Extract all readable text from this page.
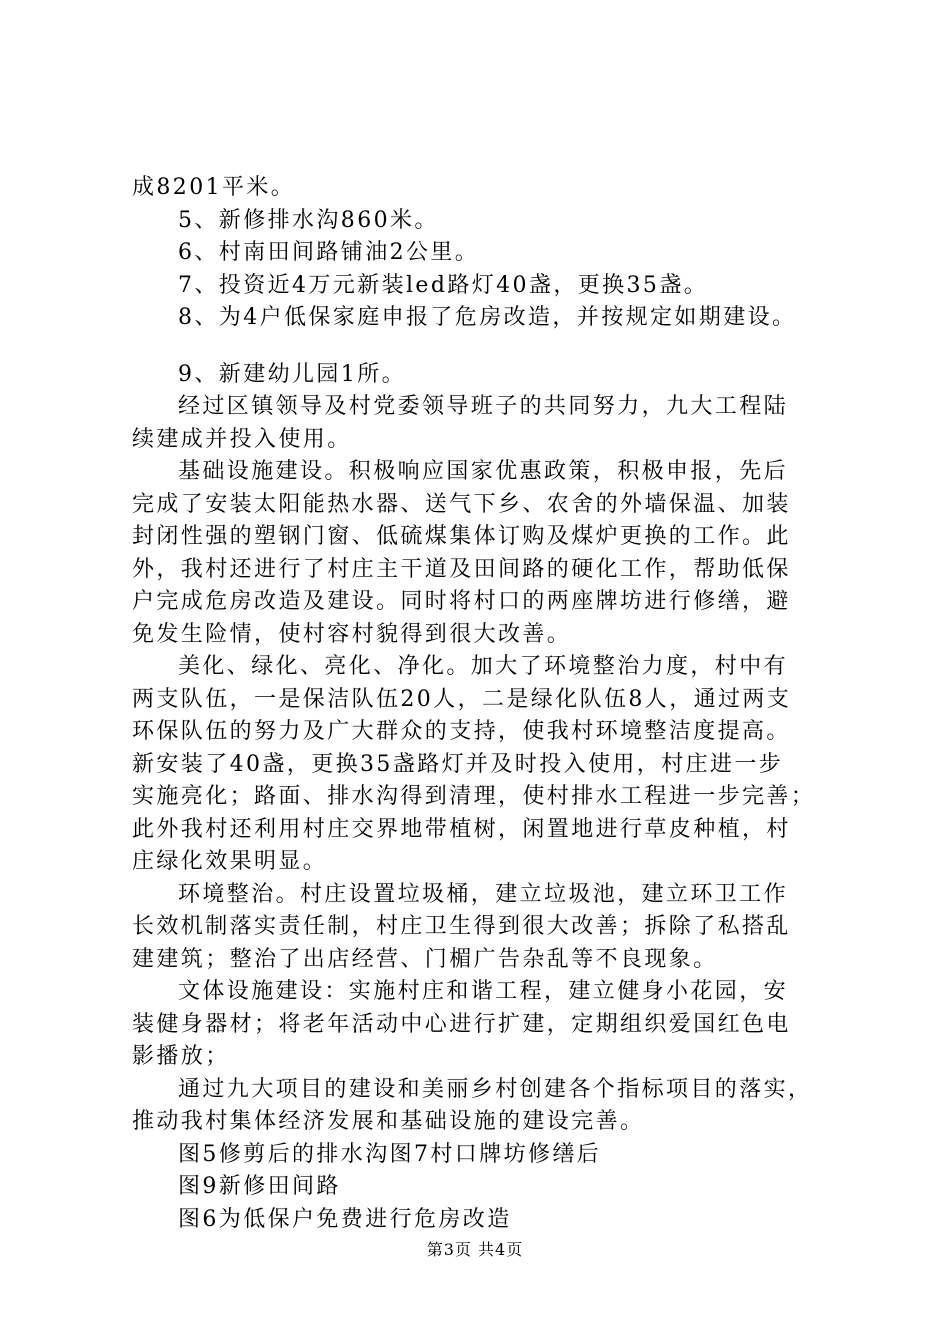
成8201平米。
5、新修排水沟860米。
6、村南田间路铺油2公里。
7、投资近4万元新装led路灯40盏，更换35盏。
8、为4户低保家庭申报了危房改造，并按规定如期建设。
9、新建幼儿园1所。
经过区镇领导及村党委领导班子的共同努力，九大工程陆
续建成并投入使用。
基础设施建设。积极响应国家优惠政策，积极申报，先后
完成了安装太阳能热水器、送气下乡、农舍的外墙保温、加装
封闭性强的塑钢门窗、低硫煤集体订购及煤炉更换的工作。此
外，我村还进行了村庄主干道及田间路的硬化工作，帮助低保
户完成危房改造及建设。同时将村口的两座牌坊进行修缮，避
免发生险情，使村容村貌得到很大改善。
美化、绿化、亮化、净化。加大了环境整治力度，村中有
两支队伍，一是保洁队伍20人，二是绿化队伍8人，通过两支
环保队伍的努力及广大群众的支持，使我村环境整洁度提高。
新安装了40盏，更换35盏路灯并及时投入使用，村庄进一步
实施亮化；路面、排水沟得到清理，使村排水工程进一步完善；
此外我村还利用村庄交界地带植树，闲置地进行草皮种植，村
庄绿化效果明显。
环境整治。村庄设置垃圾桶，建立垃圾池，建立环卫工作
长效机制落实责任制，村庄卫生得到很大改善；拆除了私搭乱
建建筑；整治了出店经营、门楣广告杂乱等不良现象。
文体设施建设：实施村庄和谐工程，建立健身小花园，安
装健身器材；将老年活动中心进行扩建，定期组织爱国红色电
影播放；
通过九大项目的建设和美丽乡村创建各个指标项目的落实，
推动我村集体经济发展和基础设施的建设完善。
图5修剪后的排水沟图7村口牌坊修缮后
图9新修田间路
图6为低保户免费进行危房改造
第3页 共4页
